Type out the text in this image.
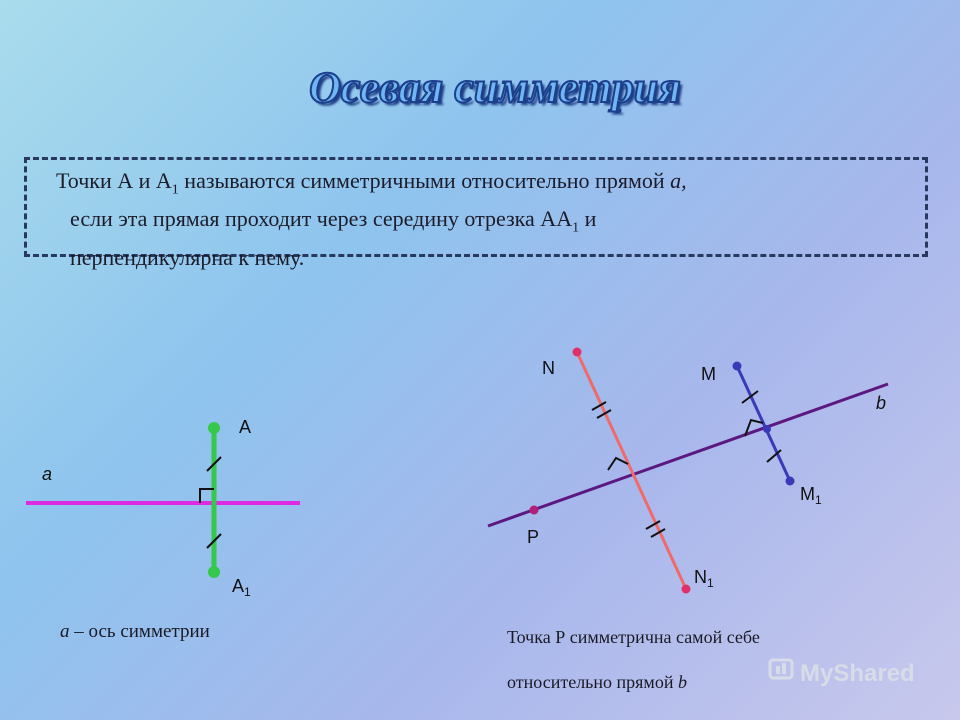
Осевая симметрия
Точки А и $А_1$ называются симметричными относительно прямой а,
если эта прямая проходит через середину отрезка $АА_1$ и
перпендикулярна к нему.
a
A
$A_1$
N
$N_1$
M
$M_1$
P
b
а – ось симметрии	Точка Р симметрична самой себе
относительно прямой b	MyShared
